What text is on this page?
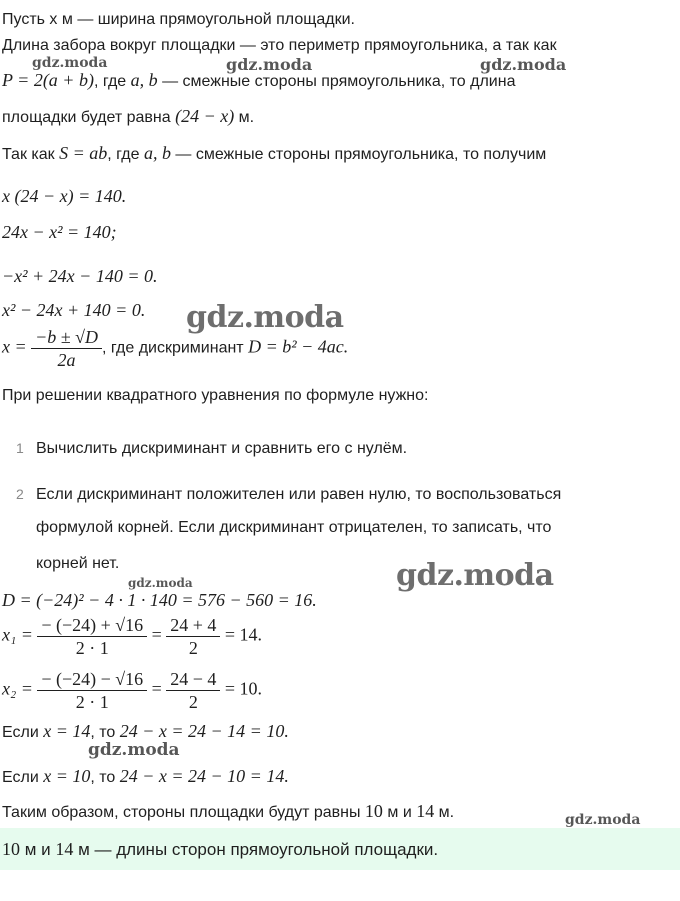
Пусть x м — ширина прямоугольной площадки.
Длина забора вокруг площадки — это периметр прямоугольника, а так как
P = 2(a + b), где a, b — смежные стороны прямоугольника, то длина
площадки будет равна (24 − x) м.
Так как S = ab, где a, b — смежные стороны прямоугольника, то получим
x (24 − x) = 140.
24x − x² = 140;
−x² + 24x − 140 = 0.
x² − 24x + 140 = 0.
$x = \frac{-b \pm √D}{2a}$ , где дискриминант D = b² − 4ac.
При решении квадратного уравнения по формуле нужно:
1 Вычислить дискриминант и сравнить его с нулём.
2 Если дискриминант положителен или равен нулю, то воспользоваться
формулой корней. Если дискриминант отрицателен, то записать, что
корней нет.
D = (−24)² − 4 · 1 · 140 = 576 − 560 = 16.
$x_1 = \frac{- (-24) + √16}{2 \cdot 1} = \frac{24 + 4}{2} = 14$.
$x_2 = \frac{- (-24) - √16}{2 \cdot 1} = \frac{24 - 4}{2} = 10$.
Если x = 14, то 24 − x = 24 − 14 = 10.
Если x = 10, то 24 − x = 24 − 10 = 14.
Таким образом, стороны площадки будут равны 10 м и 14 м.
10 м и 14 м — длины сторон прямоугольной площадки.
gdz.moda	gdz.moda	gdz.moda
gdz.moda
gdz.moda
gdz.moda
gdz.moda
gdz.moda
